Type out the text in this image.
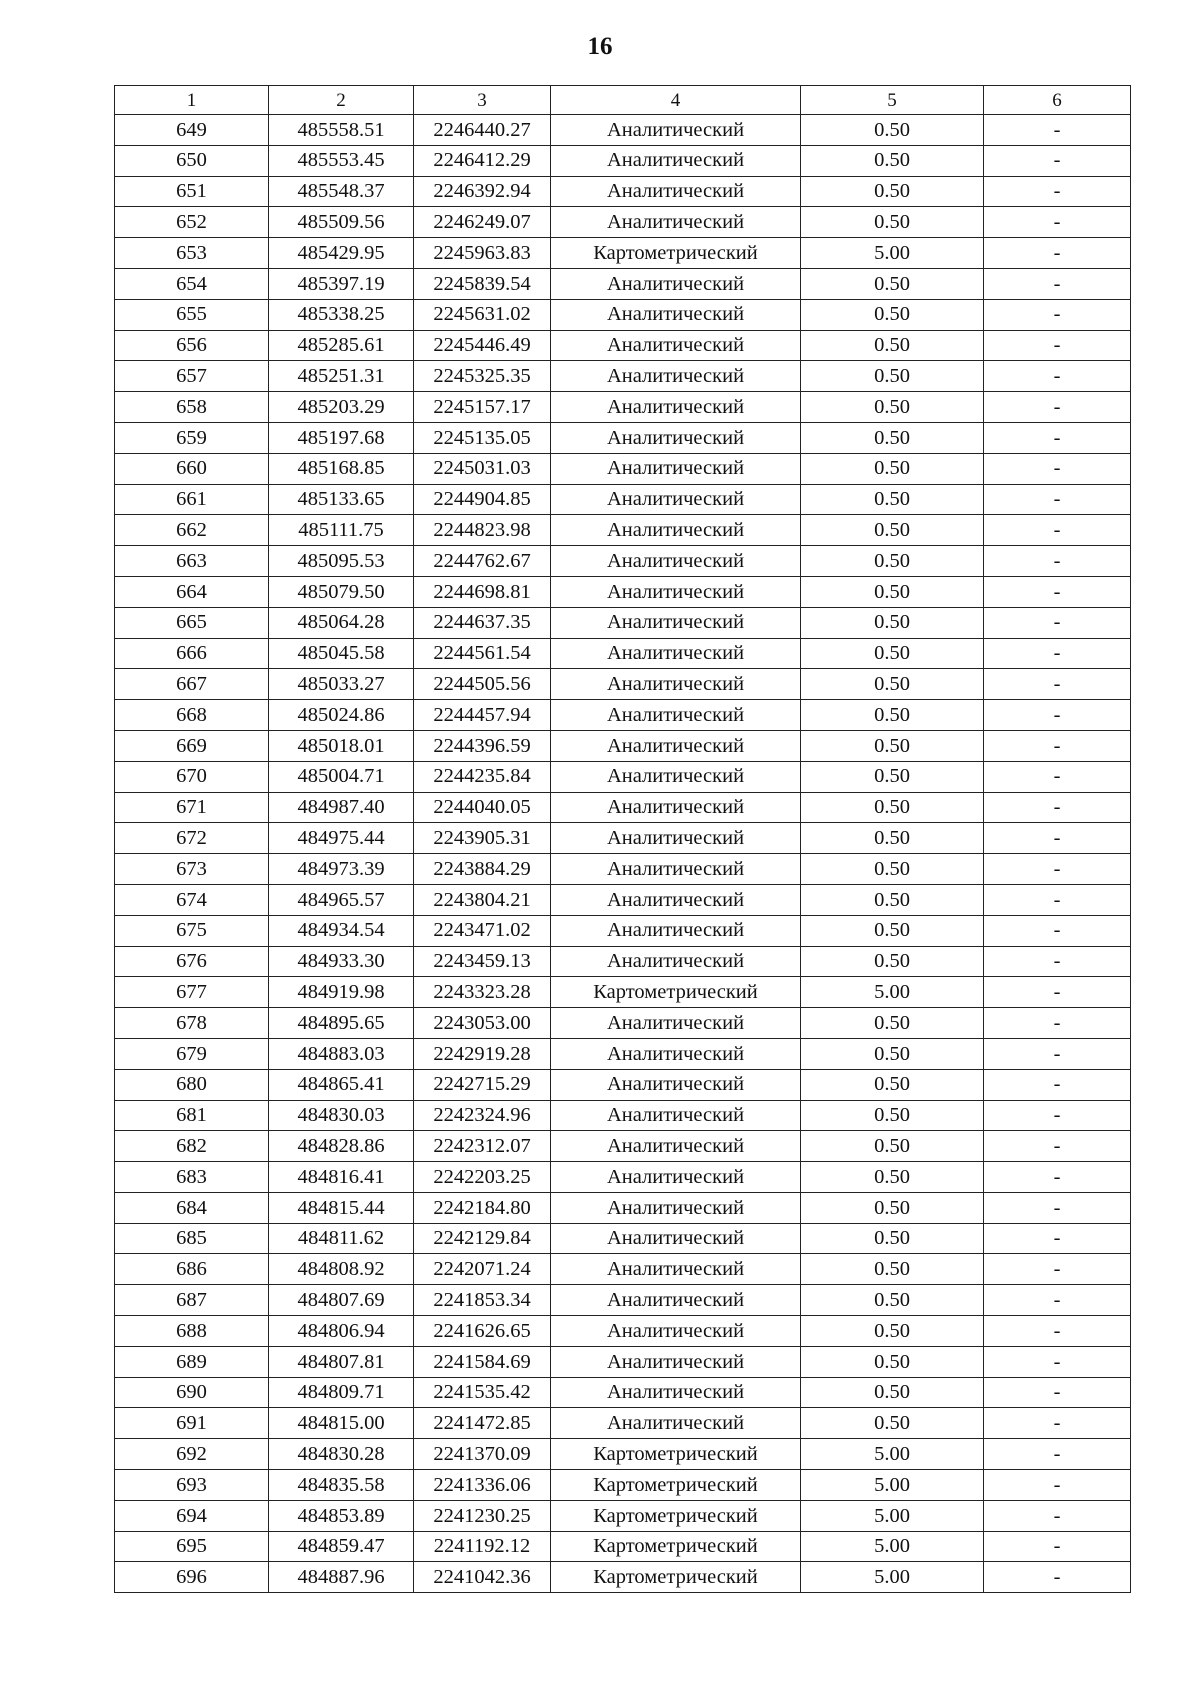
16
1	2	3	4	5	6
649	485558.51	2246440.27	Аналитический	0.50	-
650	485553.45	2246412.29	Аналитический	0.50	-
651	485548.37	2246392.94	Аналитический	0.50	-
652	485509.56	2246249.07	Аналитический	0.50	-
653	485429.95	2245963.83	Картометрический	5.00	-
654	485397.19	2245839.54	Аналитический	0.50	-
655	485338.25	2245631.02	Аналитический	0.50	-
656	485285.61	2245446.49	Аналитический	0.50	-
657	485251.31	2245325.35	Аналитический	0.50	-
658	485203.29	2245157.17	Аналитический	0.50	-
659	485197.68	2245135.05	Аналитический	0.50	-
660	485168.85	2245031.03	Аналитический	0.50	-
661	485133.65	2244904.85	Аналитический	0.50	-
662	485111.75	2244823.98	Аналитический	0.50	-
663	485095.53	2244762.67	Аналитический	0.50	-
664	485079.50	2244698.81	Аналитический	0.50	-
665	485064.28	2244637.35	Аналитический	0.50	-
666	485045.58	2244561.54	Аналитический	0.50	-
667	485033.27	2244505.56	Аналитический	0.50	-
668	485024.86	2244457.94	Аналитический	0.50	-
669	485018.01	2244396.59	Аналитический	0.50	-
670	485004.71	2244235.84	Аналитический	0.50	-
671	484987.40	2244040.05	Аналитический	0.50	-
672	484975.44	2243905.31	Аналитический	0.50	-
673	484973.39	2243884.29	Аналитический	0.50	-
674	484965.57	2243804.21	Аналитический	0.50	-
675	484934.54	2243471.02	Аналитический	0.50	-
676	484933.30	2243459.13	Аналитический	0.50	-
677	484919.98	2243323.28	Картометрический	5.00	-
678	484895.65	2243053.00	Аналитический	0.50	-
679	484883.03	2242919.28	Аналитический	0.50	-
680	484865.41	2242715.29	Аналитический	0.50	-
681	484830.03	2242324.96	Аналитический	0.50	-
682	484828.86	2242312.07	Аналитический	0.50	-
683	484816.41	2242203.25	Аналитический	0.50	-
684	484815.44	2242184.80	Аналитический	0.50	-
685	484811.62	2242129.84	Аналитический	0.50	-
686	484808.92	2242071.24	Аналитический	0.50	-
687	484807.69	2241853.34	Аналитический	0.50	-
688	484806.94	2241626.65	Аналитический	0.50	-
689	484807.81	2241584.69	Аналитический	0.50	-
690	484809.71	2241535.42	Аналитический	0.50	-
691	484815.00	2241472.85	Аналитический	0.50	-
692	484830.28	2241370.09	Картометрический	5.00	-
693	484835.58	2241336.06	Картометрический	5.00	-
694	484853.89	2241230.25	Картометрический	5.00	-
695	484859.47	2241192.12	Картометрический	5.00	-
696	484887.96	2241042.36	Картометрический	5.00	-
